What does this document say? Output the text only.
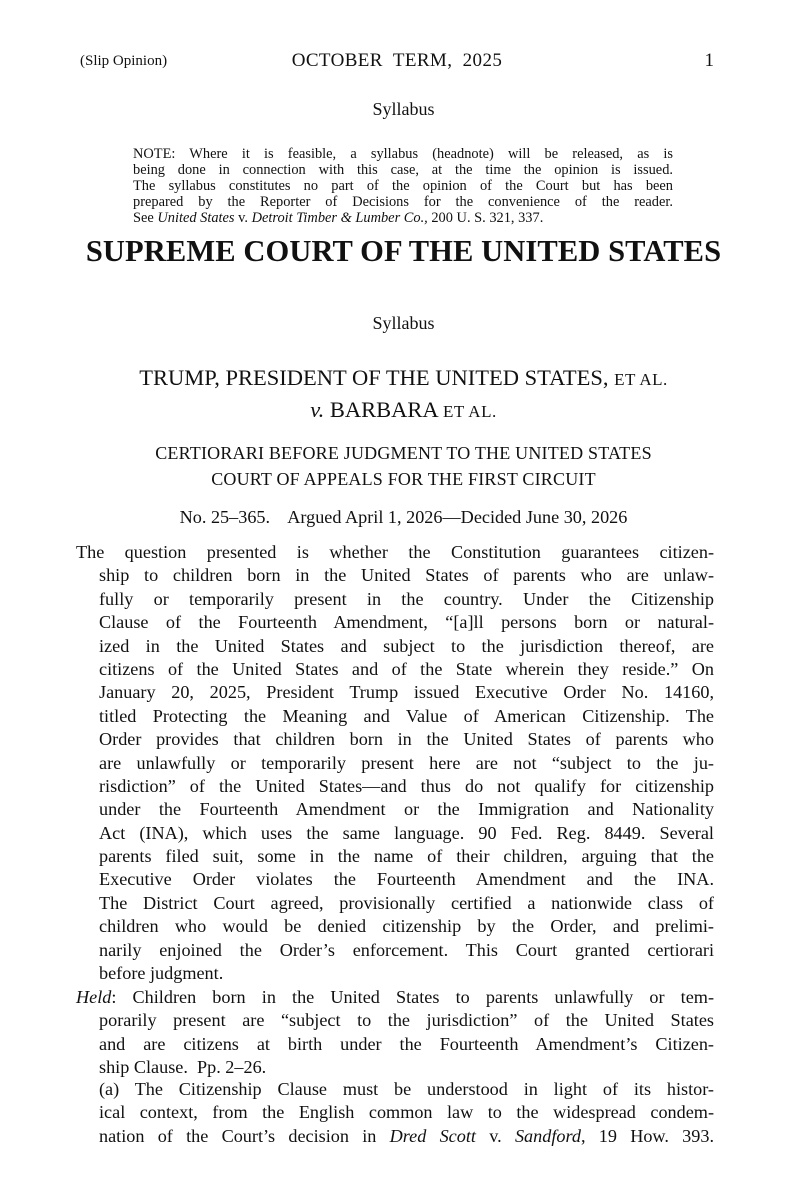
(Slip Opinion)	OCTOBER  TERM,  2025	1
Syllabus
NOTE: Where it is feasible, a syllabus (headnote) will be released, as is
being done in connection with this case, at the time the opinion is issued.
The syllabus constitutes no part of the opinion of the Court but has been
prepared by the Reporter of Decisions for the convenience of the reader.
See United States v. Detroit Timber & Lumber Co., 200 U. S. 321, 337.
SUPREME COURT OF THE UNITED STATES
Syllabus
TRUMP, PRESIDENT OF THE UNITED STATES, ET AL.
v. BARBARA ET AL.
CERTIORARI BEFORE JUDGMENT TO THE UNITED STATES
COURT OF APPEALS FOR THE FIRST CIRCUIT
No. 25–365.    Argued April 1, 2026—Decided June 30, 2026
The question presented is whether the Constitution guarantees citizen-
ship to children born in the United States of parents who are unlaw-
fully or temporarily present in the country. Under the Citizenship
Clause of the Fourteenth Amendment, “[a]ll persons born or natural-
ized in the United States and subject to the jurisdiction thereof, are
citizens of the United States and of the State wherein they reside.” On
January 20, 2025, President Trump issued Executive Order No. 14160,
titled Protecting the Meaning and Value of American Citizenship. The
Order provides that children born in the United States of parents who
are unlawfully or temporarily present here are not “subject to the ju-
risdiction” of the United States—and thus do not qualify for citizenship
under the Fourteenth Amendment or the Immigration and Nationality
Act (INA), which uses the same language. 90 Fed. Reg. 8449. Several
parents filed suit, some in the name of their children, arguing that the
Executive Order violates the Fourteenth Amendment and the INA.
The District Court agreed, provisionally certified a nationwide class of
children who would be denied citizenship by the Order, and prelimi-
narily enjoined the Order’s enforcement. This Court granted certiorari
before judgment.
Held: Children born in the United States to parents unlawfully or tem-
porarily present are “subject to the jurisdiction” of the United States
and are citizens at birth under the Fourteenth Amendment’s Citizen-
ship Clause.  Pp. 2–26.
(a) The Citizenship Clause must be understood in light of its histor-
ical context, from the English common law to the widespread condem-
nation of the Court’s decision in Dred Scott v. Sandford, 19 How. 393.
